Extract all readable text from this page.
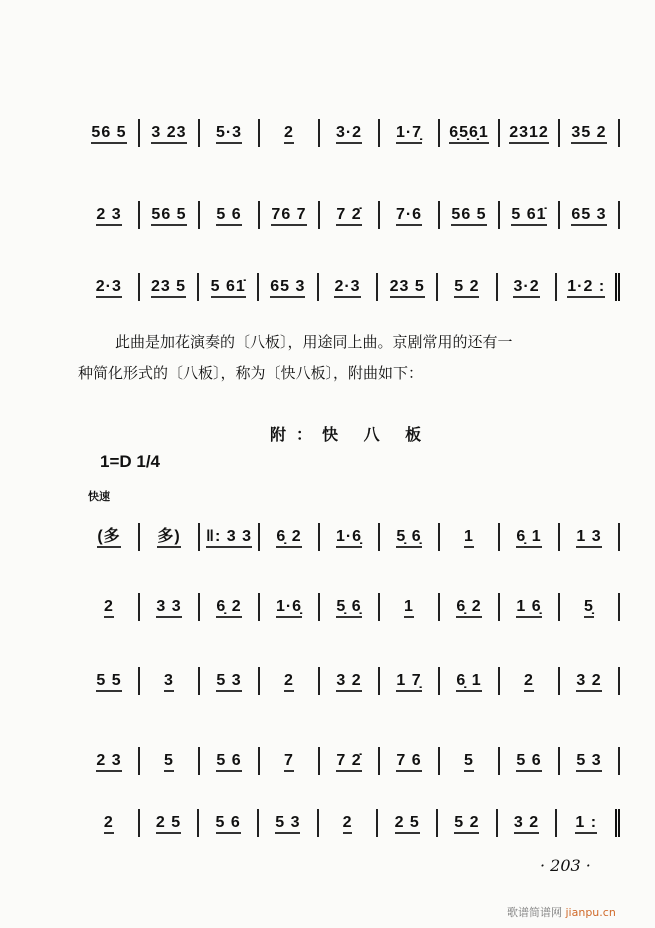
56 5	3 23	5·3	2	3·2	1·7̣	6̣5̣6̣1	2312	35 2
2 3	56 5	5 6	76 7	7 2̇	7·6	56 5	5 61̇	65 3
2·3	23 5	5 61̇	65 3	2·3	23 5	5 2	3·2	1·2 :
此曲是加花演奏的〔八板〕，用途同上曲。京剧常用的还有一
种简化形式的〔八板〕，称为〔快八板〕，附曲如下：
附：快 八 板
1=D 1/4
快速
(多	多)	‖: 3 3	6̣ 2	1·6̣	5̣ 6̣	1	6̣ 1	1 3
2	3 3	6̣ 2	1·6̣	5̣ 6̣	1	6̣ 2	1 6̣	5̣
5 5	3	5 3	2	3 2	1 7̣	6̣ 1	2	3 2
2 3	5	5 6	7	7 2̇	7 6	5	5 6	5 3
2	2 5	5 6	5 3	2	2 5	5 2	3 2	1 :
· 203 ·
歌谱简谱网 jianpu.cn
